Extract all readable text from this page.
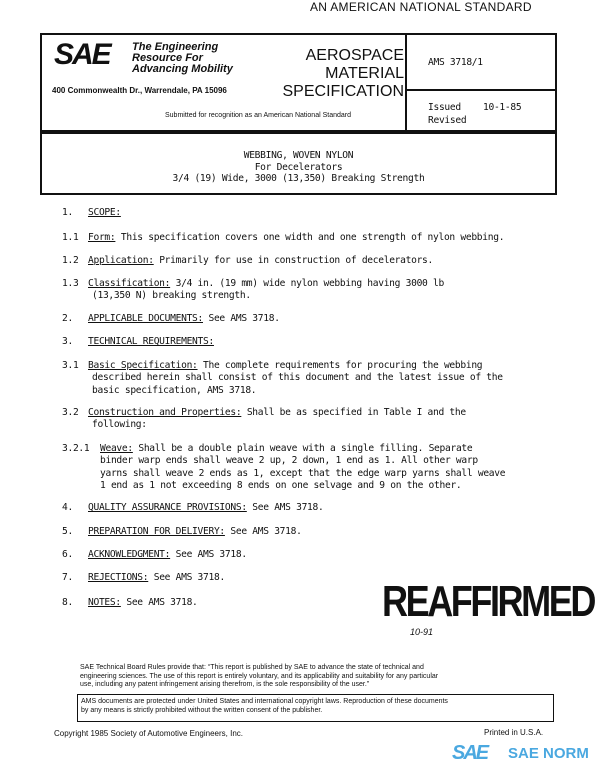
AN AMERICAN NATIONAL STANDARD
SAE The Engineering
Resource For
Advancing Mobility
400 Commonwealth Dr., Warrendale, PA 15096
AEROSPACE
MATERIAL
SPECIFICATION
Submitted for recognition as an American National Standard
AMS 3718/1
Issued 10-1-85
Revised
WEBBING, WOVEN NYLON
For Decelerators
3/4 (19) Wide, 3000 (13,350) Breaking Strength
1. SCOPE:
1.1 Form: This specification covers one width and one strength of nylon webbing.
1.2 Application: Primarily for use in construction of decelerators.
1.3 Classification: 3/4 in. (19 mm) wide nylon webbing having 3000 lb
(13,350 N) breaking strength.
2. APPLICABLE DOCUMENTS: See AMS 3718.
3. TECHNICAL REQUIREMENTS:
3.1 Basic Specification: The complete requirements for procuring the webbing
described herein shall consist of this document and the latest issue of the
basic specification, AMS 3718.
3.2 Construction and Properties: Shall be as specified in Table I and the
following:
3.2.1 Weave: Shall be a double plain weave with a single filling. Separate
binder warp ends shall weave 2 up, 2 down, 1 end as 1. All other warp
yarns shall weave 2 ends as 1, except that the edge warp yarns shall weave
1 end as 1 not exceeding 8 ends on one selvage and 9 on the other.
4. QUALITY ASSURANCE PROVISIONS: See AMS 3718.
5. PREPARATION FOR DELIVERY: See AMS 3718.
6. ACKNOWLEDGMENT: See AMS 3718.
7. REJECTIONS: See AMS 3718.
8. NOTES: See AMS 3718.	REAFFIRMED
10-91
SAE Technical Board Rules provide that: “This report is published by SAE to advance the state of technical and
engineering sciences. The use of this report is entirely voluntary, and its applicability and suitability for any particular
use, including any patent infringement arising therefrom, is the sole responsibility of the user.”
AMS documents are protected under United States and international copyright laws. Reproduction of these documents
by any means is strictly prohibited without the written consent of the publisher.
Copyright 1985 Society of Automotive Engineers, Inc.	Printed in U.S.A.
SAE SAE NORM
